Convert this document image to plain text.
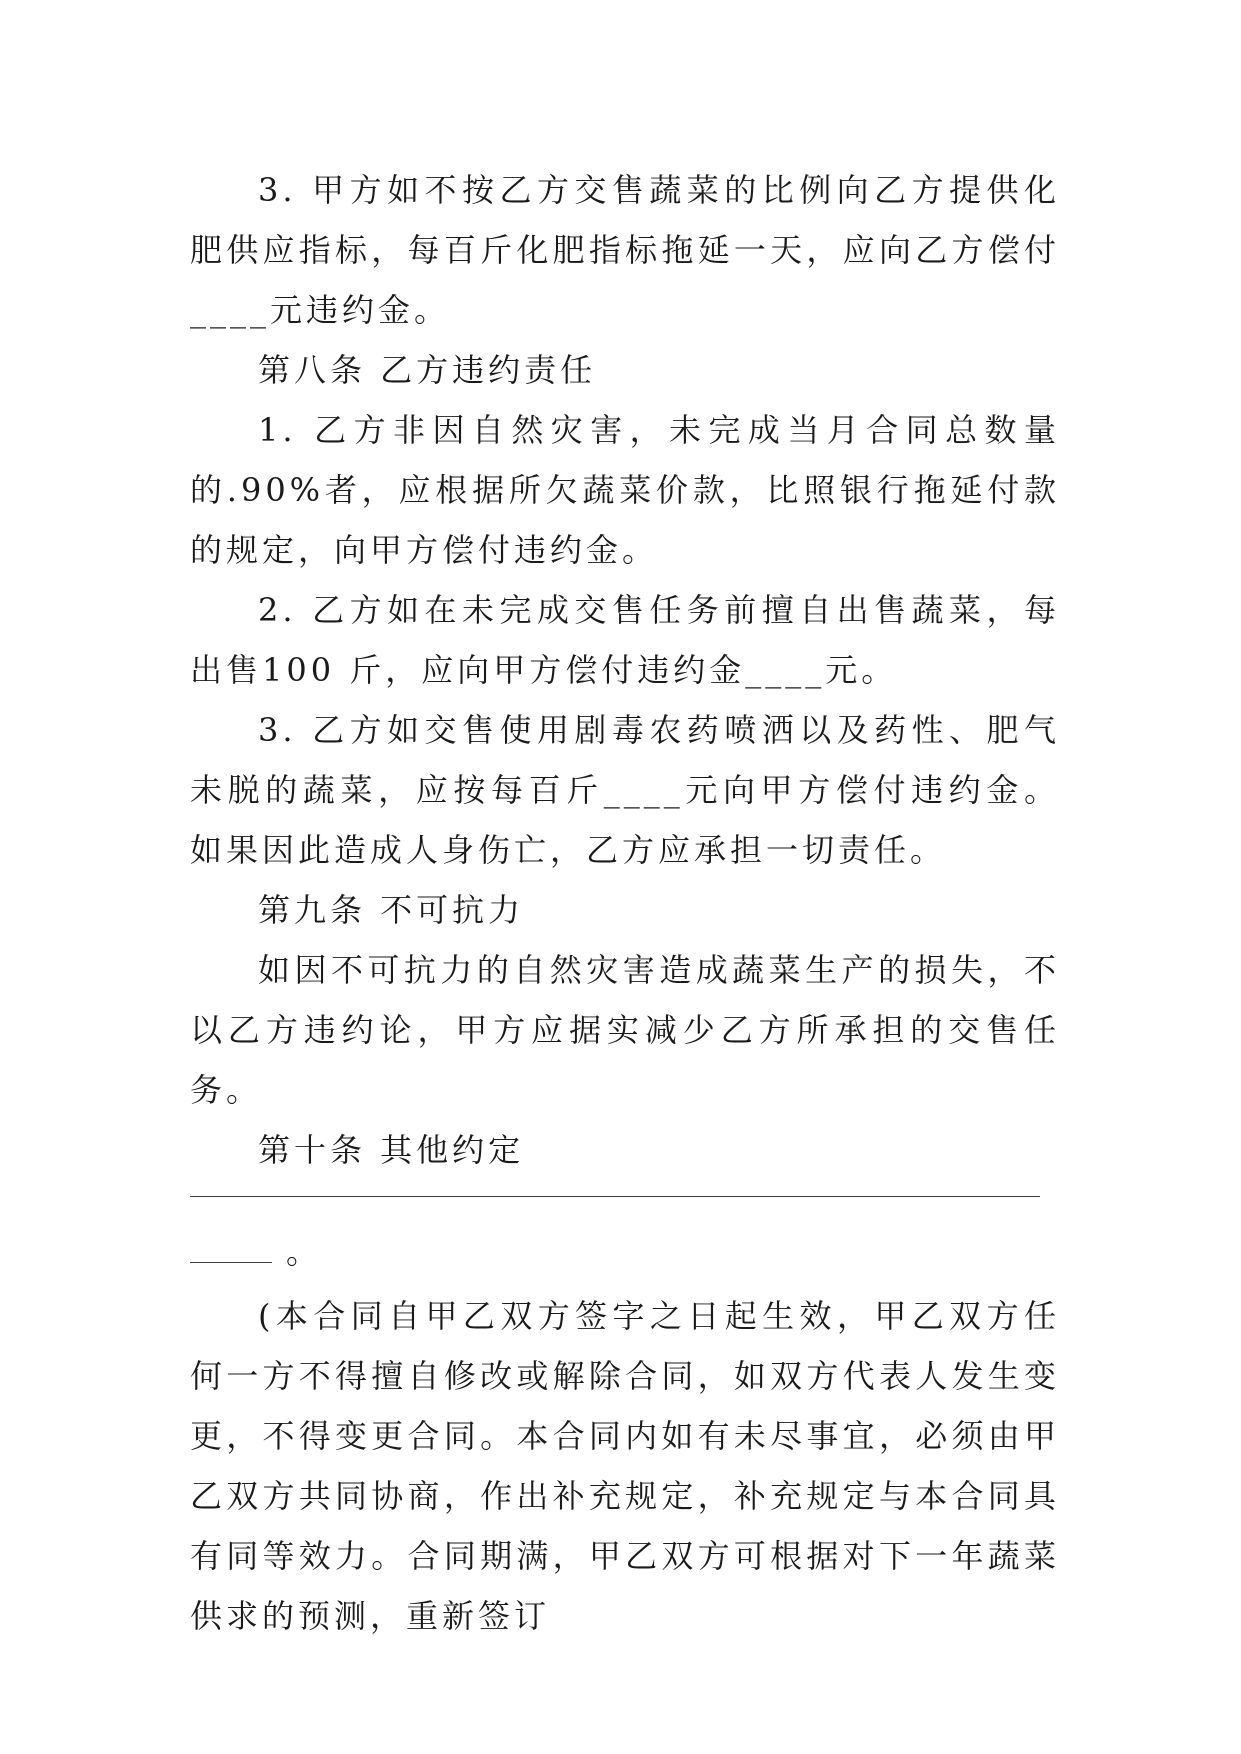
3. 甲方如不按乙方交售蔬菜的比例向乙方提供化肥供应指标，每百斤化肥指标拖延一天，应向乙方偿付____元违约金。

第八条 乙方违约责任

1. 乙方非因自然灾害，未完成当月合同总数量的.90%者，应根据所欠蔬菜价款，比照银行拖延付款的规定，向甲方偿付违约金。

2. 乙方如在未完成交售任务前擅自出售蔬菜，每出售100 斤，应向甲方偿付违约金____元。

3. 乙方如交售使用剧毒农药喷洒以及药性、肥气未脱的蔬菜，应按每百斤____元向甲方偿付违约金。如果因此造成人身伤亡，乙方应承担一切责任。

第九条 不可抗力

如因不可抗力的自然灾害造成蔬菜生产的损失，不以乙方违约论，甲方应据实减少乙方所承担的交售任务。

第十条 其他约定

。

(本合同自甲乙双方签字之日起生效，甲乙双方任何一方不得擅自修改或解除合同，如双方代表人发生变更，不得变更合同。本合同内如有未尽事宜，必须由甲乙双方共同协商，作出补充规定，补充规定与本合同具有同等效力。合同期满，甲乙双方可根据对下一年蔬菜供求的预测，重新签订
